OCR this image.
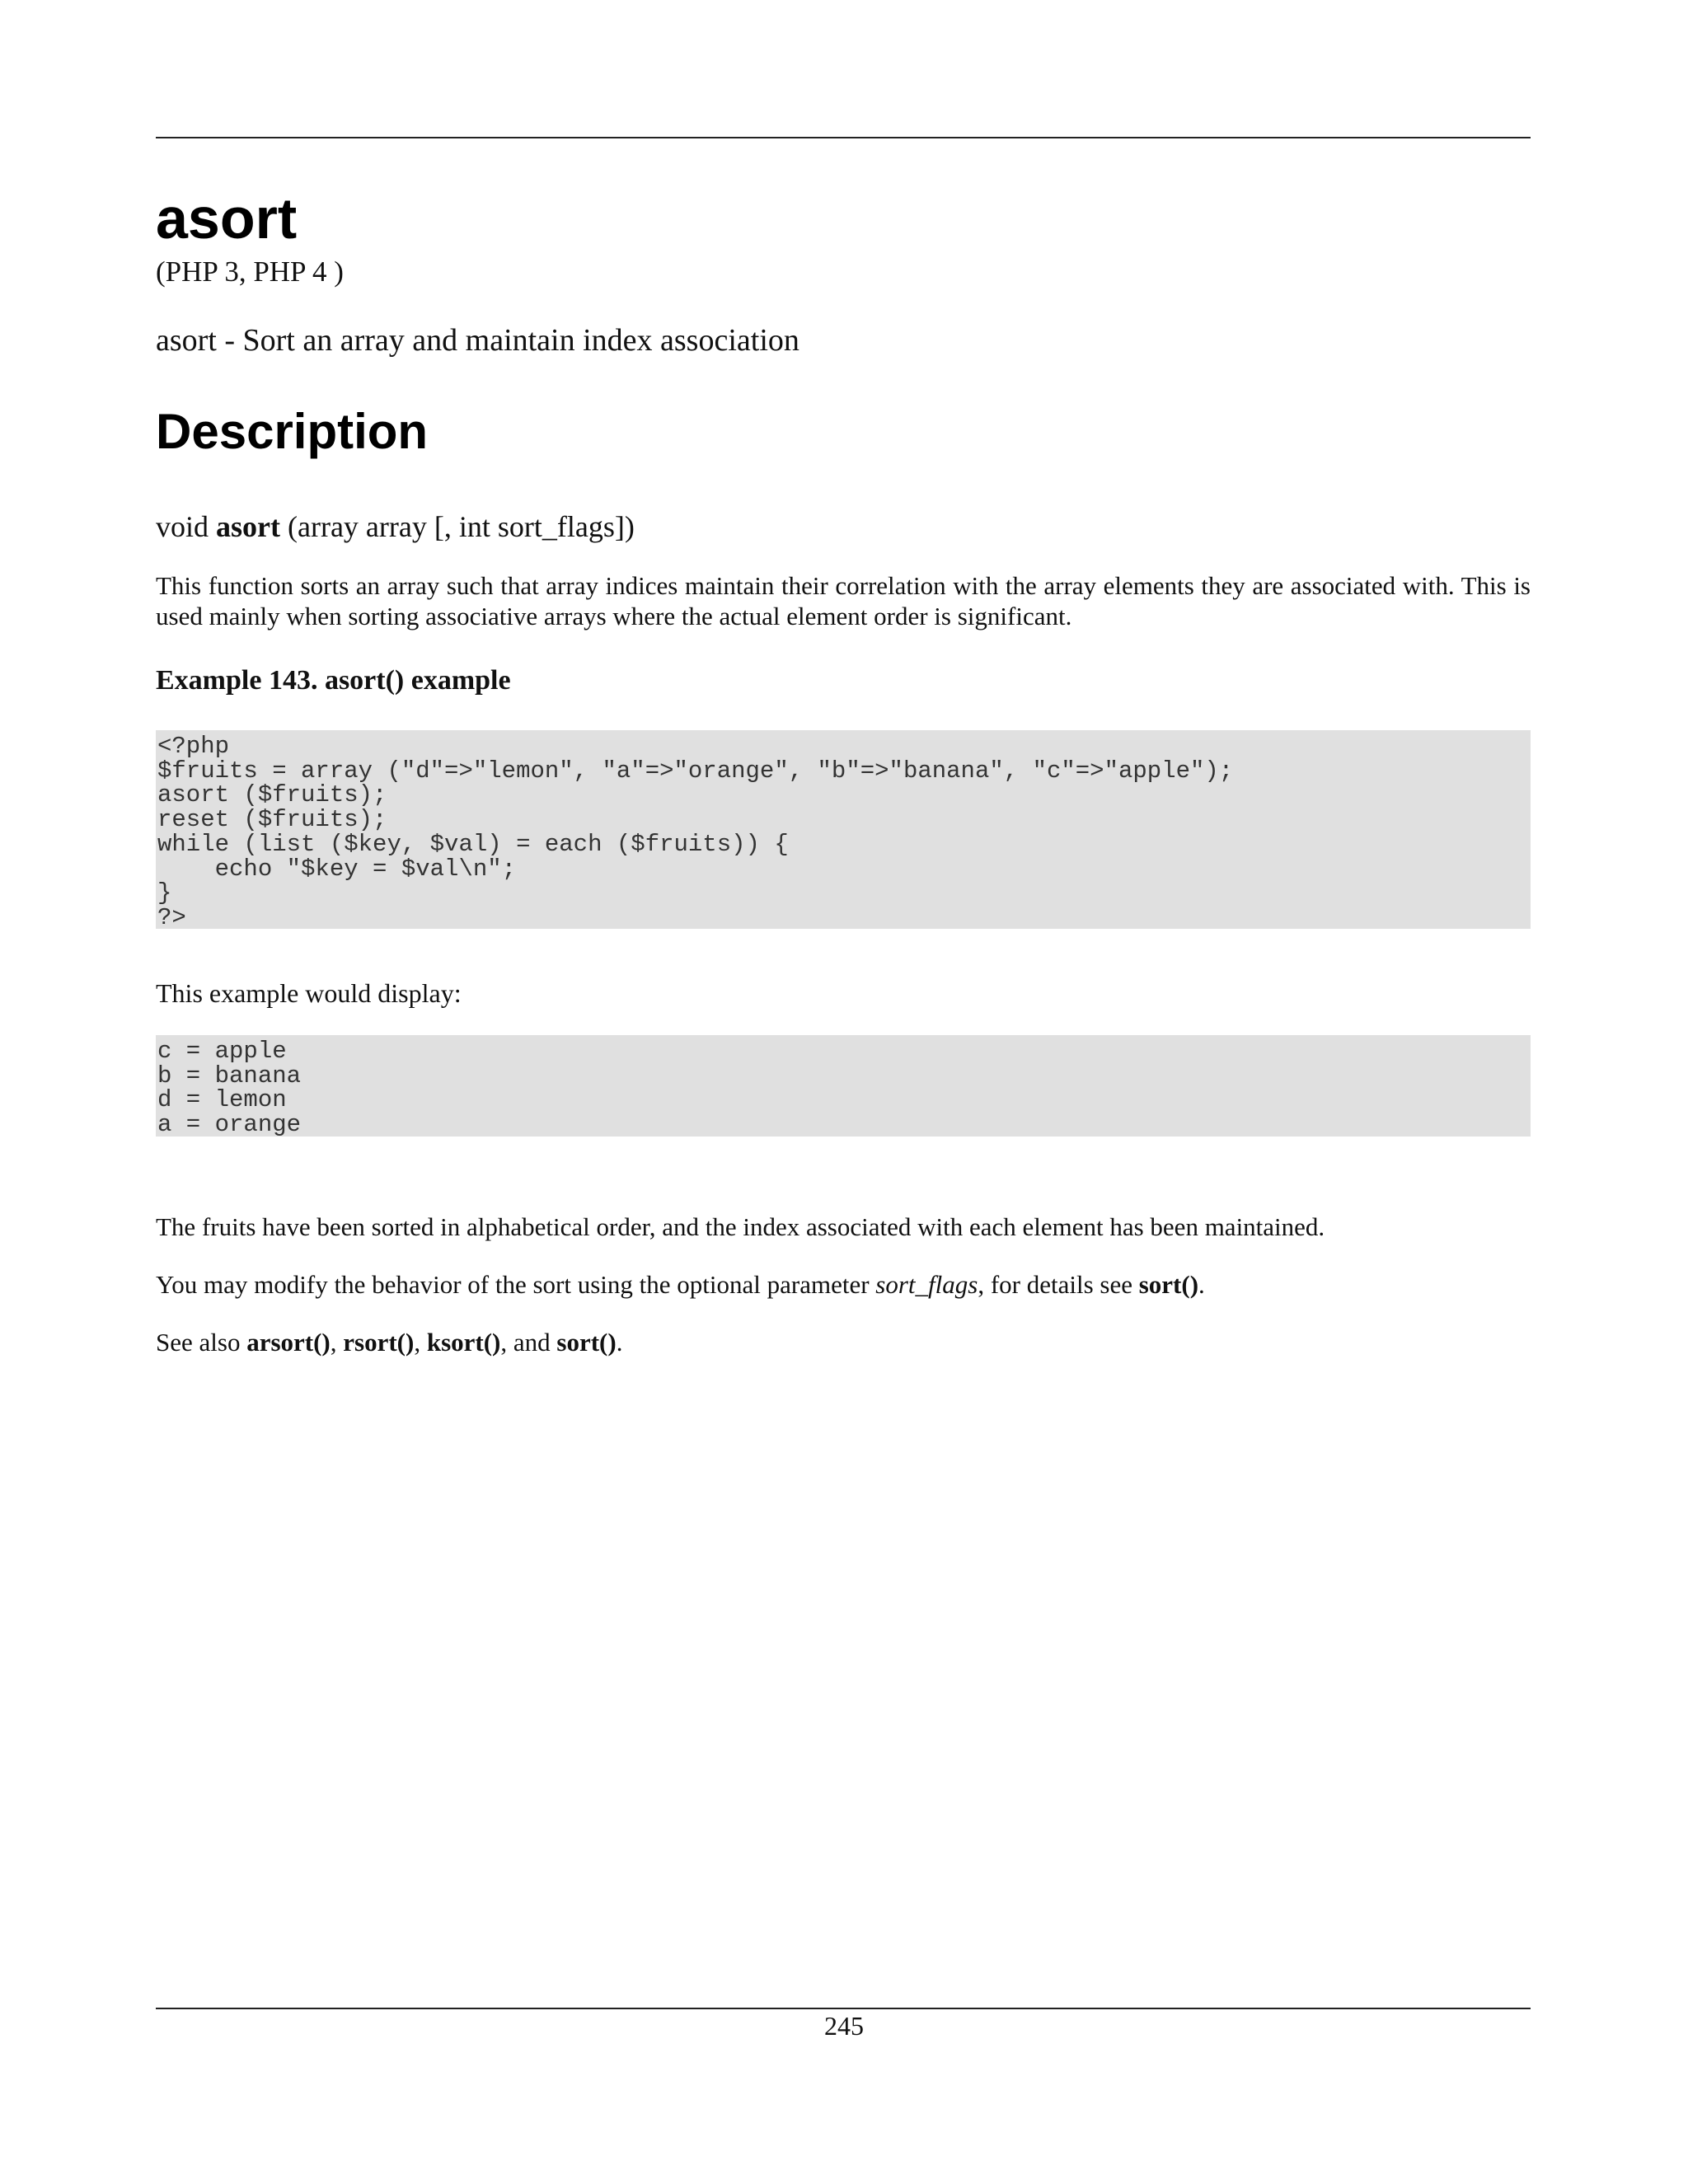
asort
(PHP 3, PHP 4 )
asort - Sort an array and maintain index association
Description
void asort (array array [, int sort_flags])

This function sorts an array such that array indices maintain their correlation with the array elements they are associated with. This is used mainly when sorting associative arrays where the actual element order is significant.

Example 143. asort() example
<?php
$fruits = array ("d"=>"lemon", "a"=>"orange", "b"=>"banana", "c"=>"apple");
asort ($fruits);
reset ($fruits);
while (list ($key, $val) = each ($fruits)) {
echo "$key = $val\n";
}
?>
This example would display:
c = apple
b = banana
d = lemon
a = orange

The fruits have been sorted in alphabetical order, and the index associated with each element has been maintained.

You may modify the behavior of the sort using the optional parameter sort_flags, for details see sort().

See also arsort(), rsort(), ksort(), and sort().

245
